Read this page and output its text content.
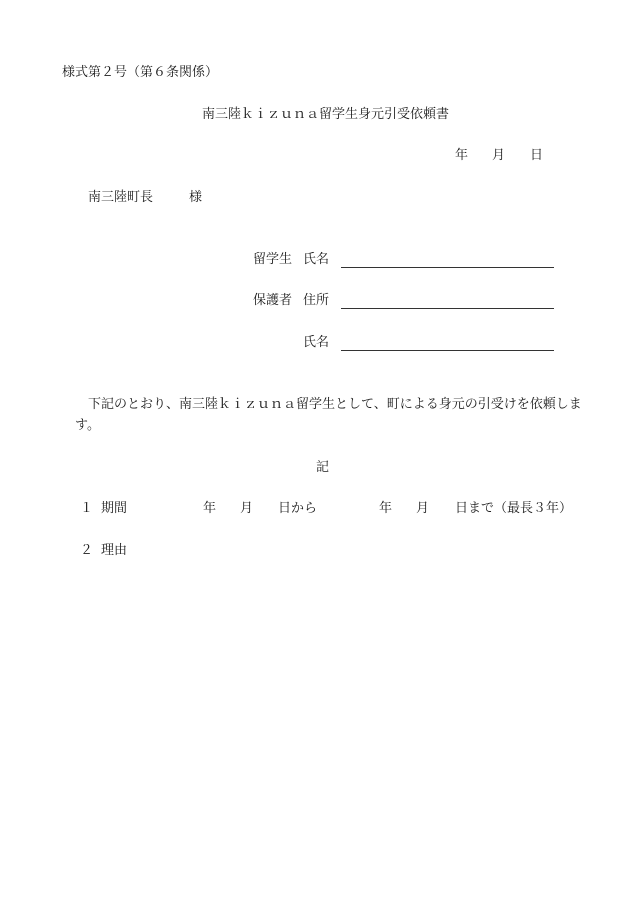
様式第２号（第６条関係）
南三陸ｋｉｚｕｎａ留学生身元引受依頼書
年 月 日
南三陸町長	様
留学生 氏名
保護者 住所
氏名
下記のとおり、南三陸ｋｉｚｕｎａ留学生として、町による身元の引受けを依頼しま
す。
記
１ 期間	年 月 日から	年 月 日まで（最長３年）
２ 理由
